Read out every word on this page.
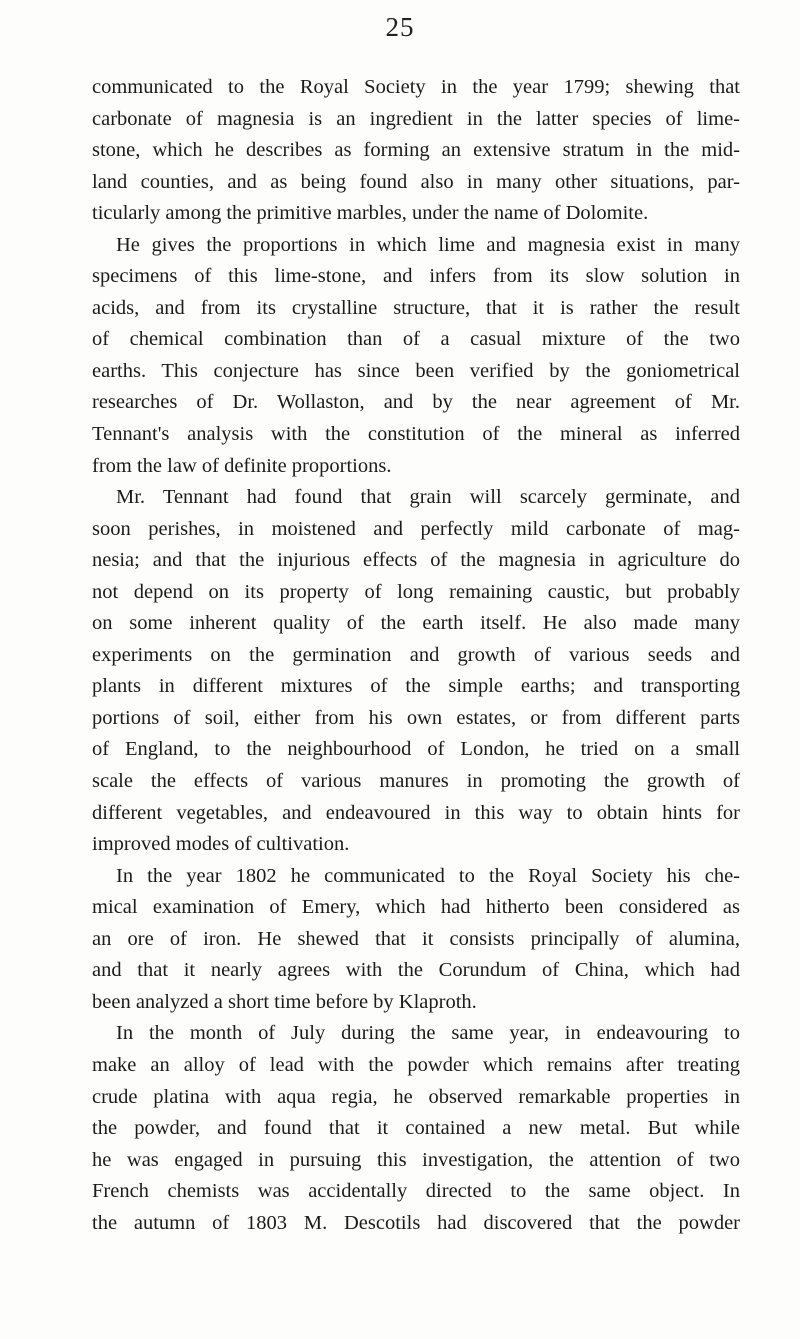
25
communicated to the Royal Society in the year 1799; shewing that
carbonate of magnesia is an ingredient in the latter species of lime-
stone, which he describes as forming an extensive stratum in the mid-
land counties, and as being found also in many other situations, par-
ticularly among the primitive marbles, under the name of Dolomite.
He gives the proportions in which lime and magnesia exist in many
specimens of this lime-stone, and infers from its slow solution in
acids, and from its crystalline structure, that it is rather the result
of chemical combination than of a casual mixture of the two
earths. This conjecture has since been verified by the goniometrical
researches of Dr. Wollaston, and by the near agreement of Mr.
Tennant's analysis with the constitution of the mineral as inferred
from the law of definite proportions.
Mr. Tennant had found that grain will scarcely germinate, and
soon perishes, in moistened and perfectly mild carbonate of mag-
nesia; and that the injurious effects of the magnesia in agriculture do
not depend on its property of long remaining caustic, but probably
on some inherent quality of the earth itself. He also made many
experiments on the germination and growth of various seeds and
plants in different mixtures of the simple earths; and transporting
portions of soil, either from his own estates, or from different parts
of England, to the neighbourhood of London, he tried on a small
scale the effects of various manures in promoting the growth of
different vegetables, and endeavoured in this way to obtain hints for
improved modes of cultivation.
In the year 1802 he communicated to the Royal Society his che-
mical examination of Emery, which had hitherto been considered as
an ore of iron. He shewed that it consists principally of alumina,
and that it nearly agrees with the Corundum of China, which had
been analyzed a short time before by Klaproth.
In the month of July during the same year, in endeavouring to
make an alloy of lead with the powder which remains after treating
crude platina with aqua regia, he observed remarkable properties in
the powder, and found that it contained a new metal. But while
he was engaged in pursuing this investigation, the attention of two
French chemists was accidentally directed to the same object. In
the autumn of 1803 M. Descotils had discovered that the powder
